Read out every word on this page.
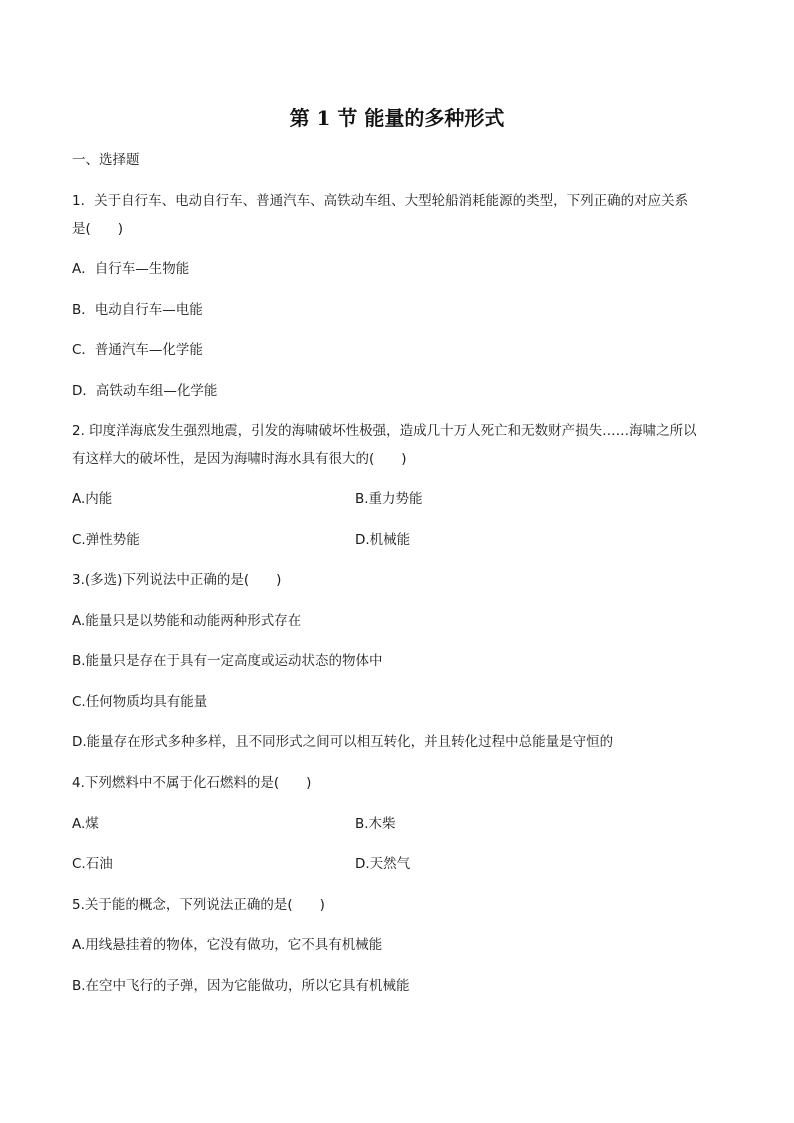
第 1 节 能量的多种形式
一、选择题
1．关于自行车、电动自行车、普通汽车、高铁动车组、大型轮船消耗能源的类型，下列正确的对应关系
是(　　)
A．自行车—生物能
B．电动自行车—电能
C．普通汽车—化学能
D．高铁动车组—化学能
2. 印度洋海底发生强烈地震，引发的海啸破坏性极强，造成几十万人死亡和无数财产损失……海啸之所以
有这样大的破坏性，是因为海啸时海水具有很大的(　　)
A.内能	B.重力势能
C.弹性势能	D.机械能
3.(多选)下列说法中正确的是(　　)
A.能量只是以势能和动能两种形式存在
B.能量只是存在于具有一定高度或运动状态的物体中
C.任何物质均具有能量
D.能量存在形式多种多样，且不同形式之间可以相互转化，并且转化过程中总能量是守恒的
4.下列燃料中不属于化石燃料的是(　　)
A.煤	B.木柴
C.石油	D.天然气
5.关于能的概念，下列说法正确的是(　　)
A.用线悬挂着的物体，它没有做功，它不具有机械能
B.在空中飞行的子弹，因为它能做功，所以它具有机械能
